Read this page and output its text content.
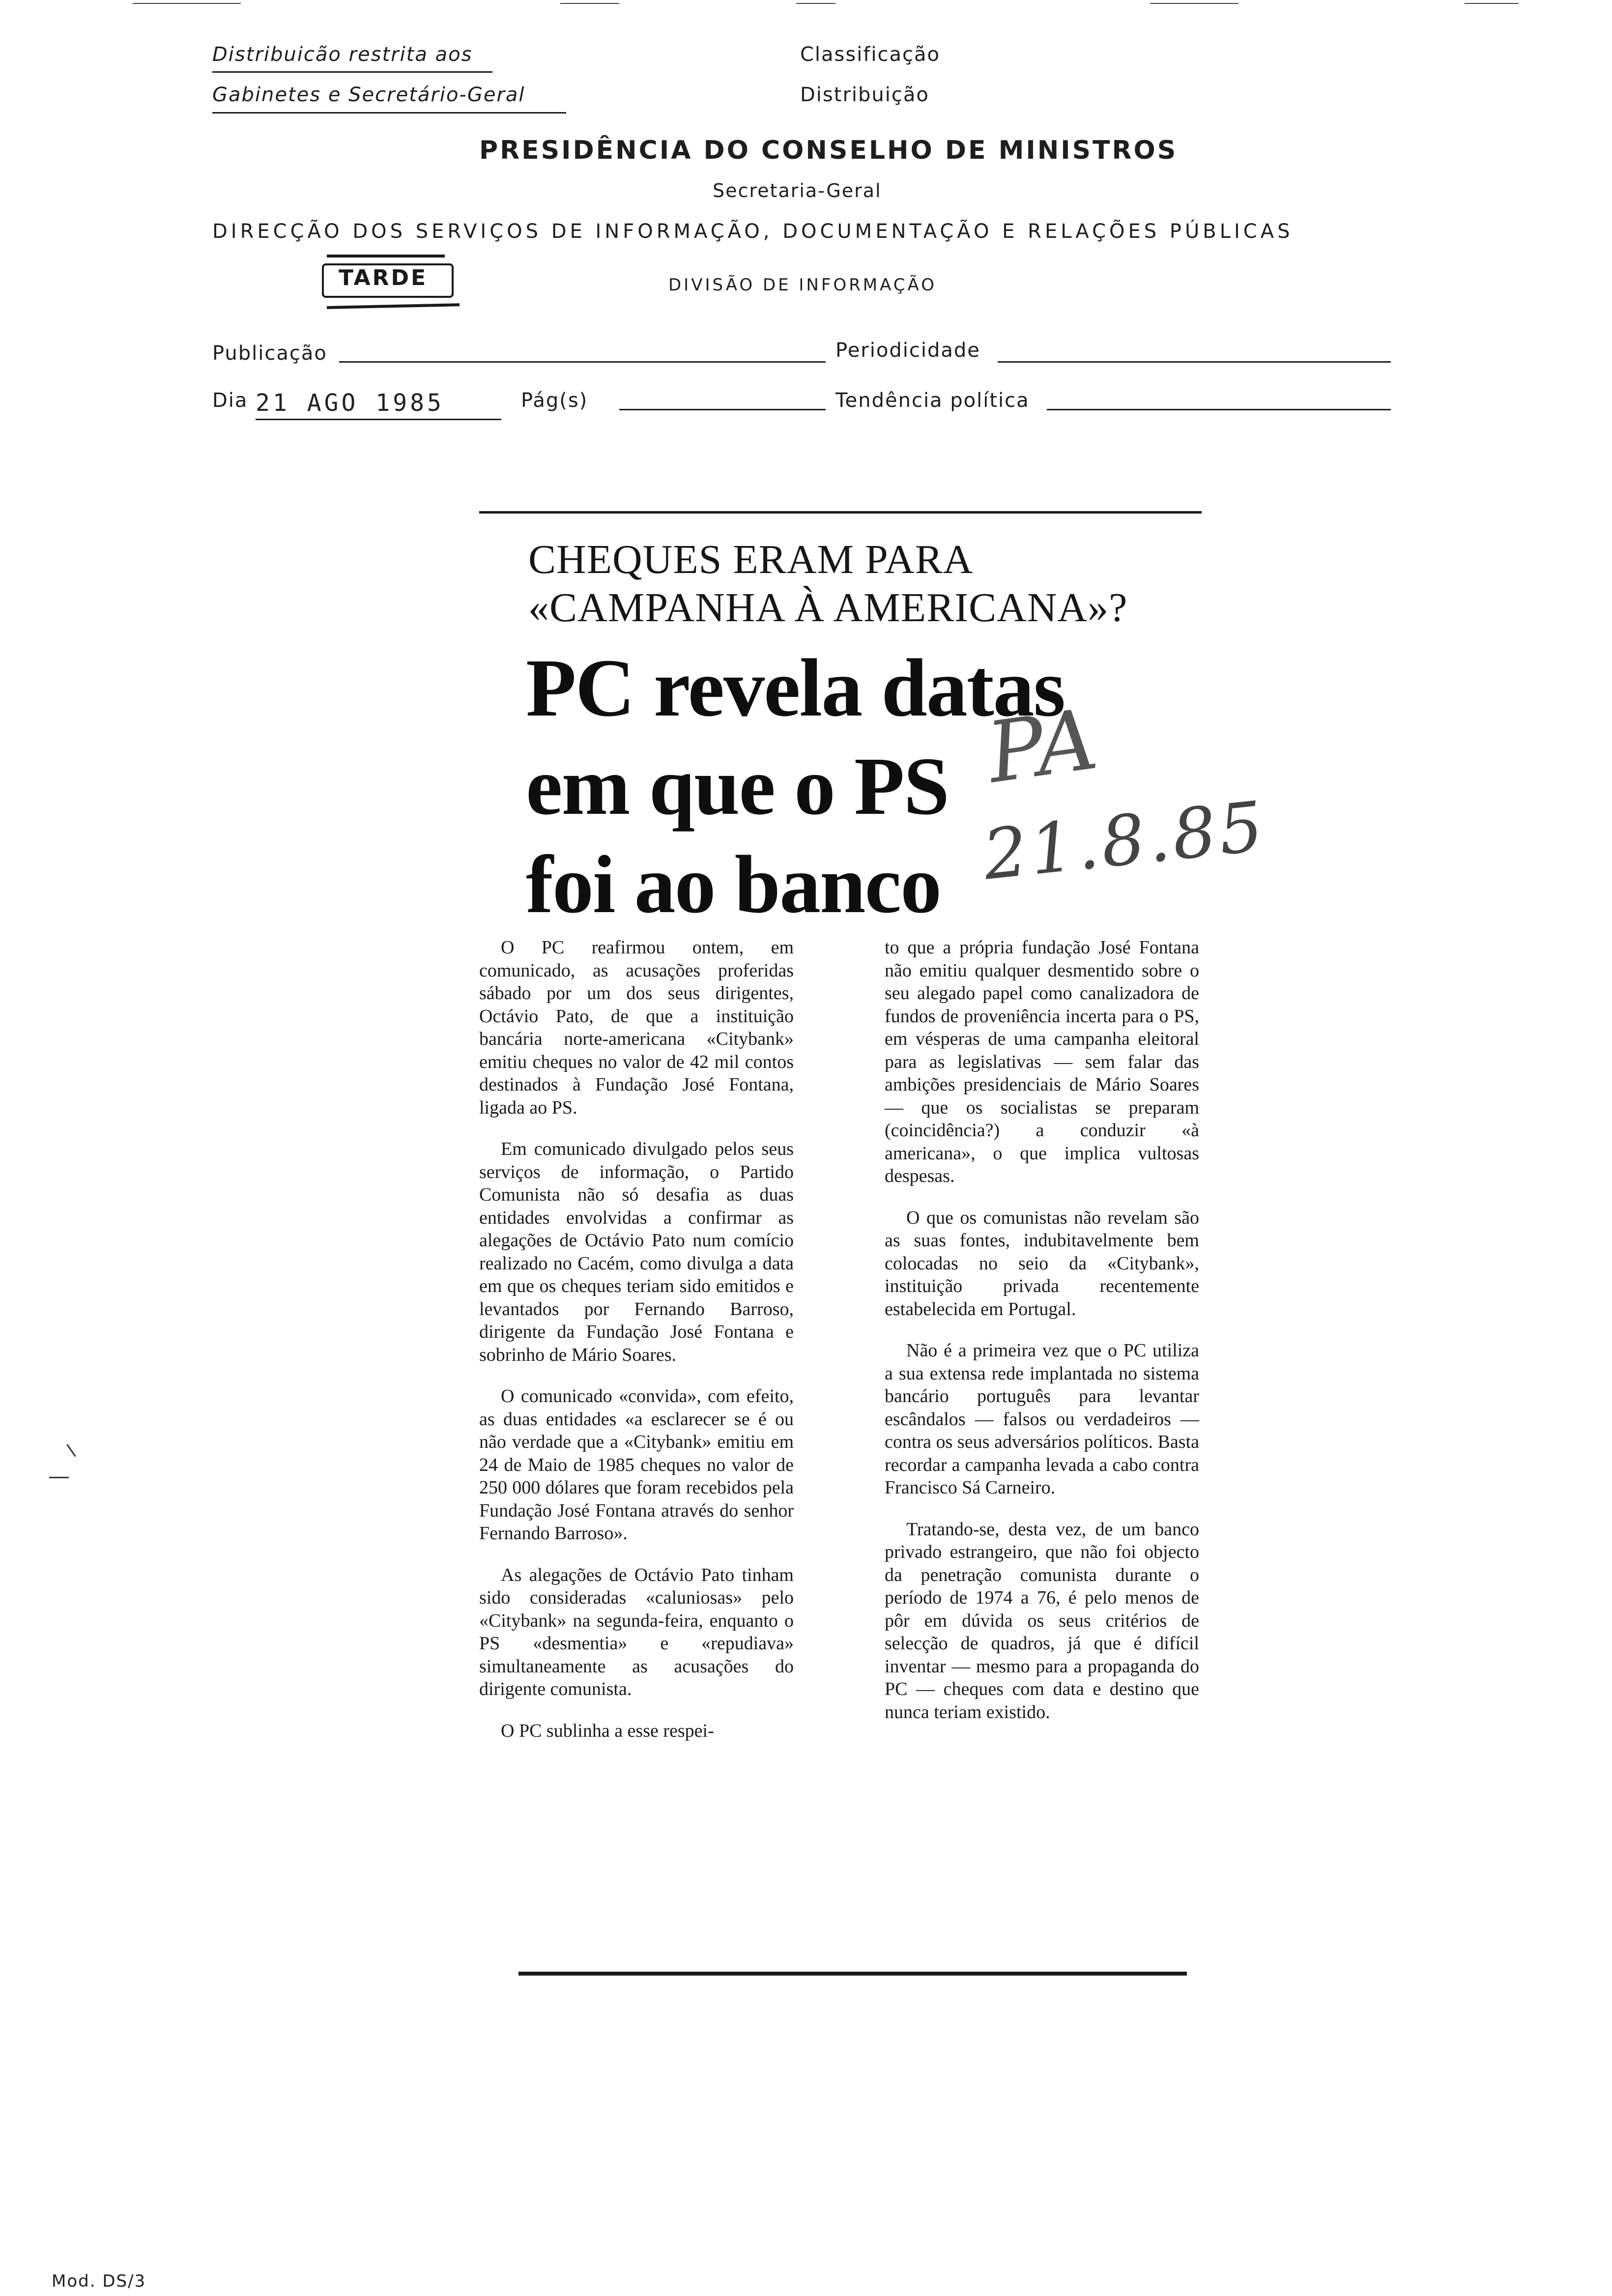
Distribuicão restrita aos
Gabinetes e Secretário-Geral
Classificação
Distribuição
PRESIDÊNCIA DO CONSELHO DE MINISTROS
Secretaria-Geral
DIRECÇÃO DOS SERVIÇOS DE INFORMAÇÃO, DOCUMENTAÇÃO E RELAÇÕES PÚBLICAS
TARDE	DIVISÃO DE INFORMAÇÃO
Publicação	Periodicidade
Dia 21 AGO 1985	Pág(s)	Tendência política
CHEQUES ERAM PARA
«CAMPANHA À AMERICANA»?
PC revela datas
em que o PS
foi ao banco
PA
21.8.85

O PC reafirmou ontem, em comunicado, as acusações proferidas sábado por um dos seus dirigentes, Octávio Pato, de que a instituição bancária norte-americana «Citybank» emitiu cheques no valor de 42 mil contos destinados à Fundação José Fontana, ligada ao PS.

Em comunicado divulgado pelos seus serviços de informação, o Partido Comunista não só desafia as duas entidades envolvidas a confirmar as alegações de Octávio Pato num comício realizado no Cacém, como divulga a data em que os cheques teriam sido emitidos e levantados por Fernando Barroso, dirigente da Fundação José Fontana e sobrinho de Mário Soares.

O comunicado «convida», com efeito, as duas entidades «a esclarecer se é ou não verdade que a «Citybank» emitiu em 24 de Maio de 1985 cheques no valor de 250 000 dólares que foram recebidos pela Fundação José Fontana através do senhor Fernando Barroso».

As alegações de Octávio Pato tinham sido consideradas «caluniosas» pelo «Citybank» na segunda-feira, enquanto o PS «desmentia» e «repudiava» simultaneamente as acusações do dirigente comunista.

O PC sublinha a esse respei-

to que a própria fundação José Fontana não emitiu qualquer desmentido sobre o seu alegado papel como canalizadora de fundos de proveniência incerta para o PS, em vésperas de uma campanha eleitoral para as legislativas — sem falar das ambições presidenciais de Mário Soares — que os socialistas se preparam (coincidência?) a conduzir «à americana», o que implica vultosas despesas.

O que os comunistas não revelam são as suas fontes, indubitavelmente bem colocadas no seio da «Citybank», instituição privada recentemente estabelecida em Portugal.

Não é a primeira vez que o PC utiliza a sua extensa rede implantada no sistema bancário português para levantar escândalos — falsos ou verdadeiros — contra os seus adversários políticos. Basta recordar a campanha levada a cabo contra Francisco Sá Carneiro.

Tratando-se, desta vez, de um banco privado estrangeiro, que não foi objecto da penetração comunista durante o período de 1974 a 76, é pelo menos de pôr em dúvida os seus critérios de selecção de quadros, já que é difícil inventar — mesmo para a propaganda do PC — cheques com data e destino que nunca teriam existido.

Mod. DS/3
